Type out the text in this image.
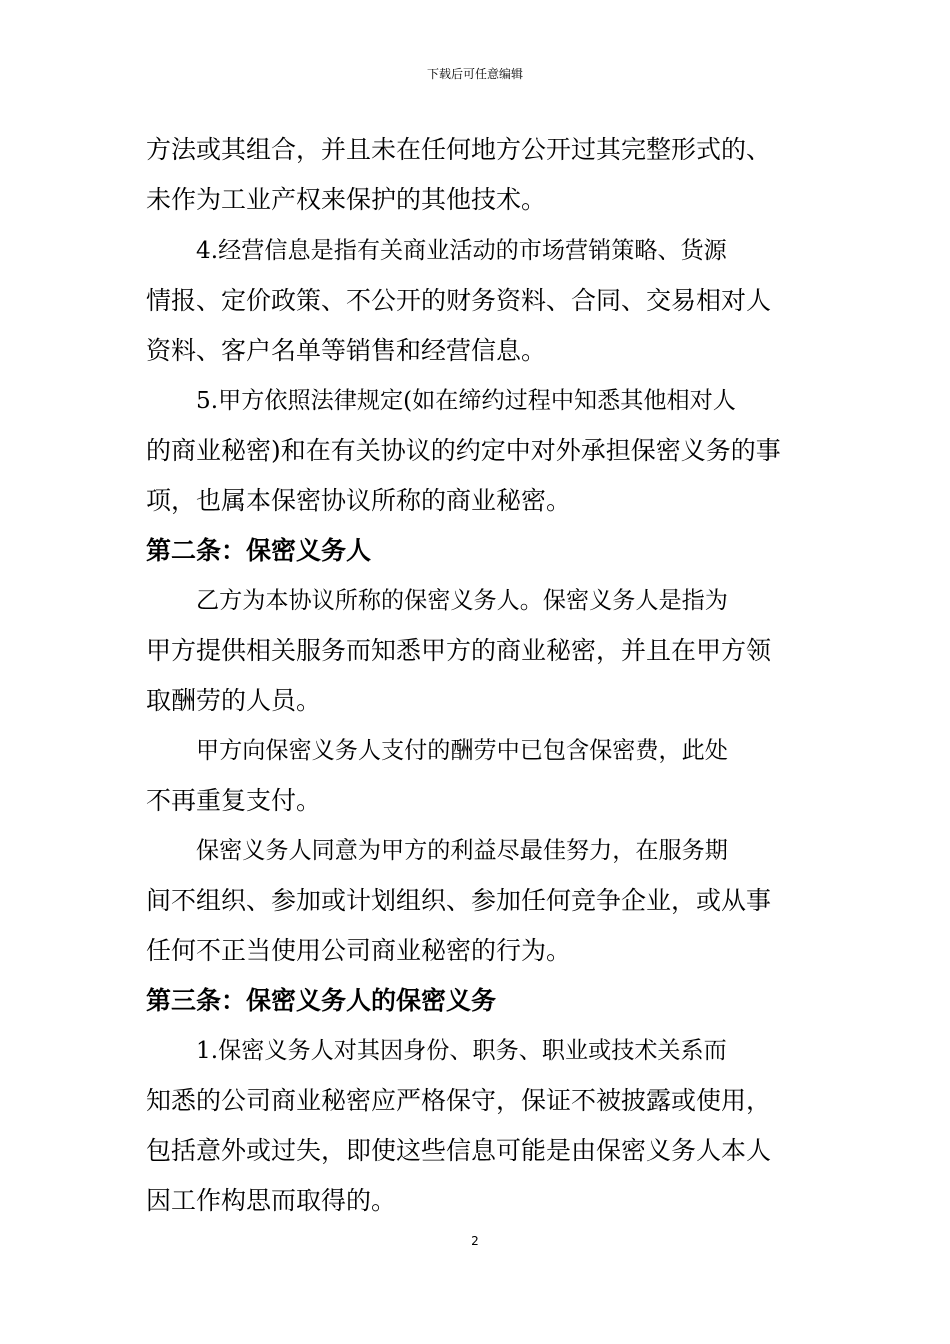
下载后可任意编辑
方法或其组合，并且未在任何地方公开过其完整形式的、
未作为工业产权来保护的其他技术。
4.经营信息是指有关商业活动的市场营销策略、货源
情报、定价政策、不公开的财务资料、合同、交易相对人
资料、客户名单等销售和经营信息。
5.甲方依照法律规定(如在缔约过程中知悉其他相对人
的商业秘密)和在有关协议的约定中对外承担保密义务的事
项，也属本保密协议所称的商业秘密。
第二条：保密义务人
乙方为本协议所称的保密义务人。保密义务人是指为
甲方提供相关服务而知悉甲方的商业秘密，并且在甲方领
取酬劳的人员。
甲方向保密义务人支付的酬劳中已包含保密费，此处
不再重复支付。
保密义务人同意为甲方的利益尽最佳努力，在服务期
间不组织、参加或计划组织、参加任何竞争企业，或从事
任何不正当使用公司商业秘密的行为。
第三条：保密义务人的保密义务
1.保密义务人对其因身份、职务、职业或技术关系而
知悉的公司商业秘密应严格保守，保证不被披露或使用，
包括意外或过失，即使这些信息可能是由保密义务人本人
因工作构思而取得的。
2
